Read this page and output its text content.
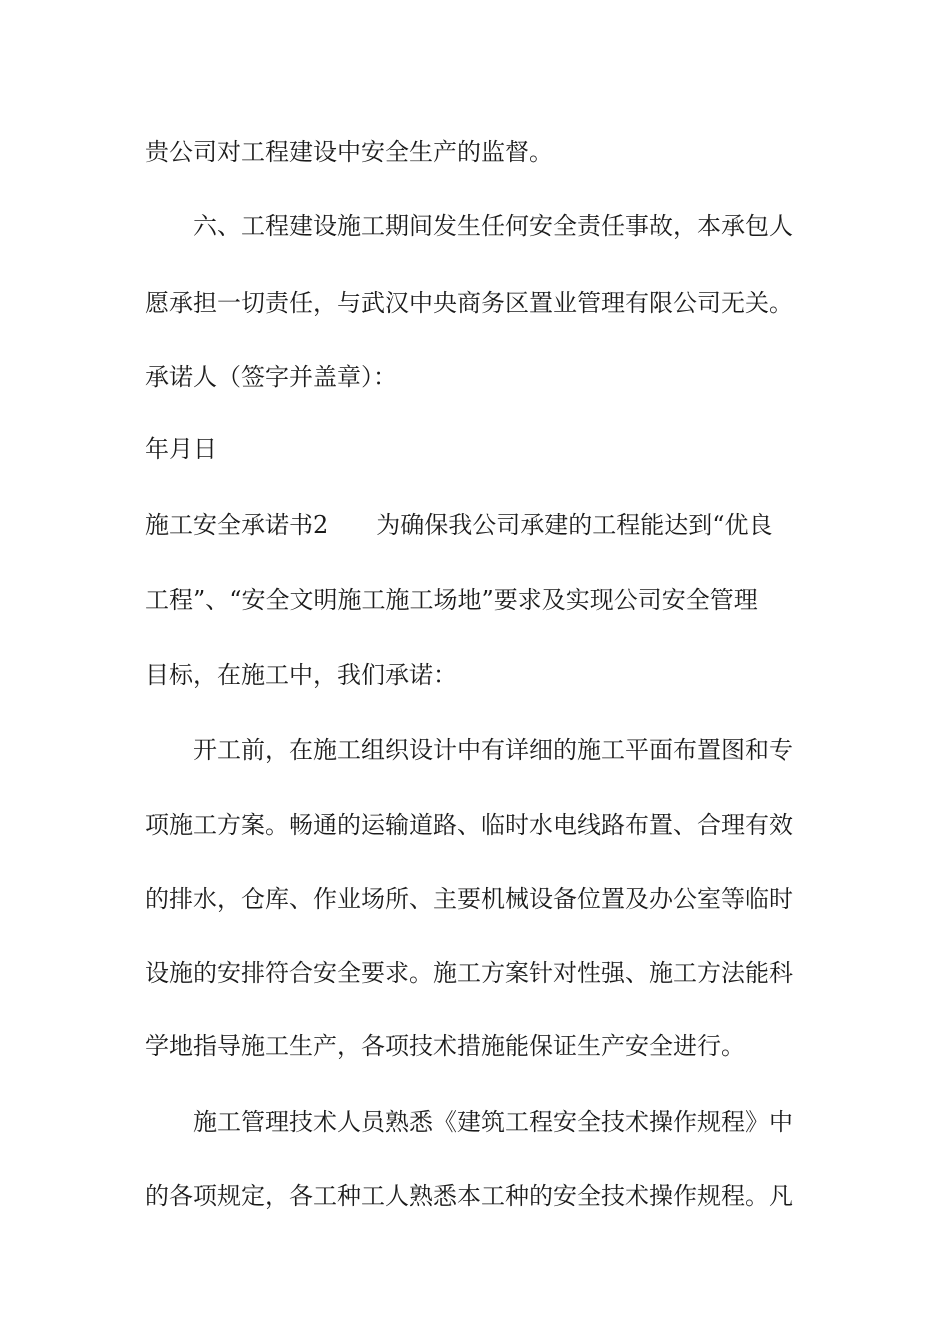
贵公司对工程建设中安全生产的监督。
　　六、工程建设施工期间发生任何安全责任事故，本承包人
愿承担一切责任，与武汉中央商务区置业管理有限公司无关。
承诺人（签字并盖章）：
年月日
施工安全承诺书2　　为确保我公司承建的工程能达到“优良
工程”、“安全文明施工施工场地”要求及实现公司安全管理
目标，在施工中，我们承诺：
　　开工前，在施工组织设计中有详细的施工平面布置图和专
项施工方案。畅通的运输道路、临时水电线路布置、合理有效
的排水，仓库、作业场所、主要机械设备位置及办公室等临时
设施的安排符合安全要求。施工方案针对性强、施工方法能科
学地指导施工生产，各项技术措施能保证生产安全进行。
　　施工管理技术人员熟悉《建筑工程安全技术操作规程》中
的各项规定，各工种工人熟悉本工种的安全技术操作规程。凡
